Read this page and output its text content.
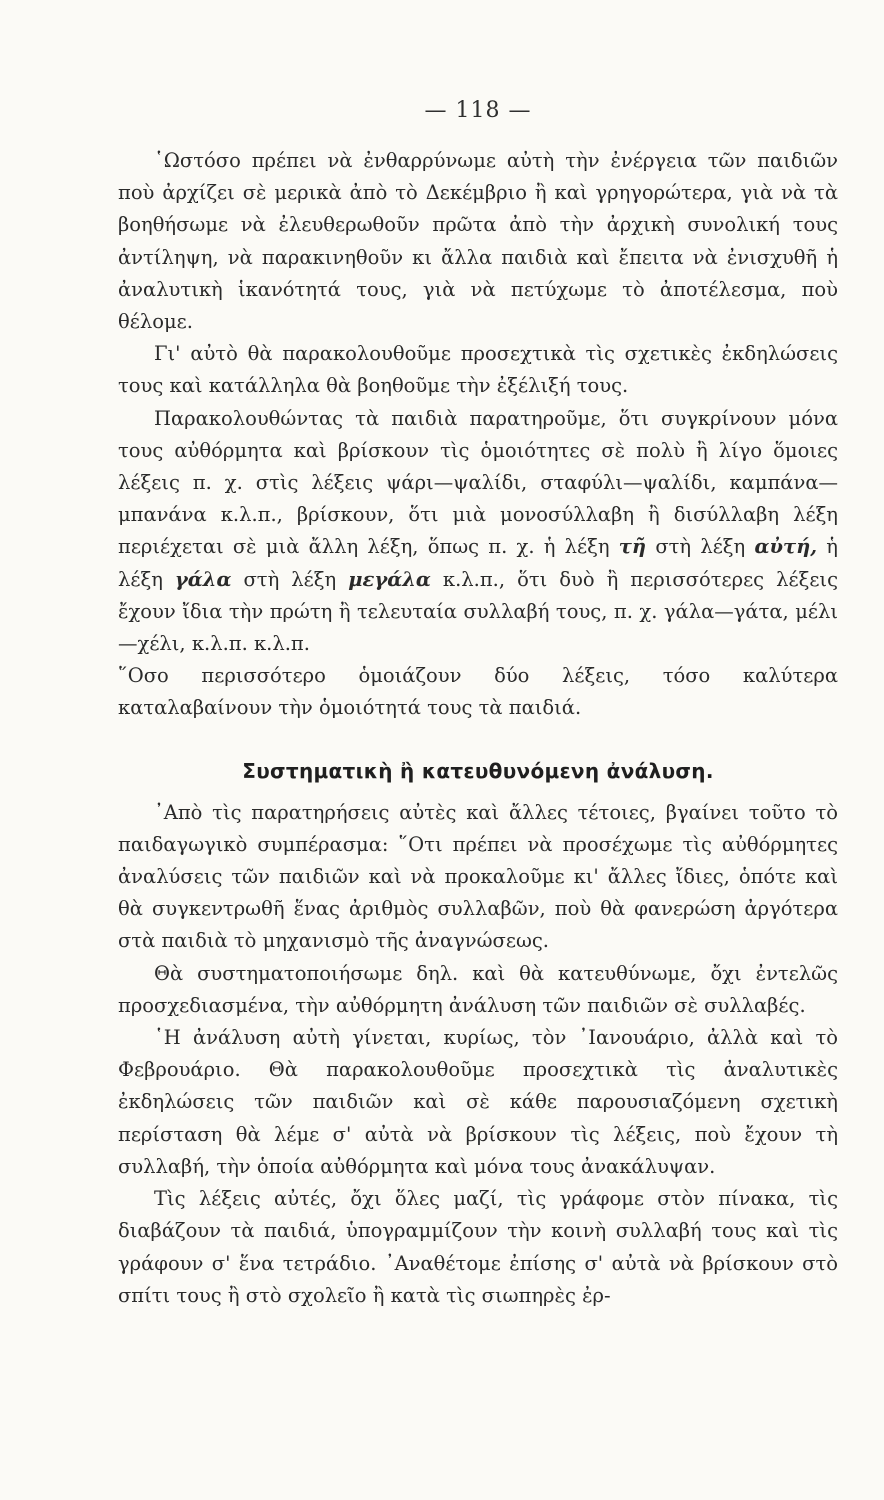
— 118 —

῾Ωστόσο πρέπει νὰ ἐνθαρρύνωμε αὐτὴ τὴν ἐνέργεια τῶν παιδιῶν ποὺ ἀρχίζει σὲ μερικὰ ἀπὸ τὸ Δεκέμβριο ἢ καὶ γρηγορώτερα, γιὰ νὰ τὰ βοηθήσωμε νὰ ἐλευθερωθοῦν πρῶτα ἀπὸ τὴν ἀρχικὴ συνολική τους ἀντίληψη, νὰ παρακινηθοῦν κι ἄλλα παιδιὰ καὶ ἔπειτα νὰ ἐνισχυθῆ ἡ ἀναλυτικὴ ἱκανότητά τους, γιὰ νὰ πετύχωμε τὸ ἀποτέλεσμα, ποὺ θέλομε.

Γι' αὐτὸ θὰ παρακολουθοῦμε προσεχτικὰ τὶς σχετικὲς ἐκδηλώσεις τους καὶ κατάλληλα θὰ βοηθοῦμε τὴν ἐξέλιξή τους.

Παρακολουθώντας τὰ παιδιὰ παρατηροῦμε, ὅτι συγκρίνουν μόνα τους αὐθόρμητα καὶ βρίσκουν τὶς ὁμοιότητες σὲ πολὺ ἢ λίγο ὅμοιες λέξεις π. χ. στὶς λέξεις ψάρι—ψαλίδι, σταφύλι—ψαλίδι, καμπάνα—μπανάνα κ.λ.π., βρίσκουν, ὅτι μιὰ μονοσύλλαβη ἢ δισύλλαβη λέξη περιέχεται σὲ μιὰ ἄλλη λέξη, ὅπως π. χ. ἡ λέξη τῆ στὴ λέξη αὐτή, ἡ λέξη γάλα στὴ λέξη μεγάλα κ.λ.π., ὅτι δυὸ ἢ περισσότερες λέξεις ἔχουν ἴδια τὴν πρώτη ἢ τελευταία συλλαβή τους, π. χ. γάλα—γάτα, μέλι—χέλι, κ.λ.π. κ.λ.π.

῞Οσο περισσότερο ὁμοιάζουν δύο λέξεις, τόσο καλύτερα καταλαβαίνουν τὴν ὁμοιότητά τους τὰ παιδιά.

Συστηματικὴ ἢ κατευθυνόμενη ἀνάλυση.

᾽Απὸ τὶς παρατηρήσεις αὐτὲς καὶ ἄλλες τέτοιες, βγαίνει τοῦτο τὸ παιδαγωγικὸ συμπέρασμα: ῞Οτι πρέπει νὰ προσέχωμε τὶς αὐθόρμητες ἀναλύσεις τῶν παιδιῶν καὶ νὰ προκαλοῦμε κι' ἄλλες ἴδιες, ὁπότε καὶ θὰ συγκεντρωθῆ ἕνας ἀριθμὸς συλλαβῶν, ποὺ θὰ φανερώση ἀργότερα στὰ παιδιὰ τὸ μηχανισμὸ τῆς ἀναγνώσεως.

Θὰ συστηματοποιήσωμε δηλ. καὶ θὰ κατευθύνωμε, ὄχι ἐντελῶς προσχεδιασμένα, τὴν αὐθόρμητη ἀνάλυση τῶν παιδιῶν σὲ συλλαβές.

῾Η ἀνάλυση αὐτὴ γίνεται, κυρίως, τὸν ᾽Ιανουάριο, ἀλλὰ καὶ τὸ Φεβρουάριο. Θὰ παρακολουθοῦμε προσεχτικὰ τὶς ἀναλυτικὲς ἐκδηλώσεις τῶν παιδιῶν καὶ σὲ κάθε παρουσιαζόμενη σχετικὴ περίσταση θὰ λέμε σ' αὐτὰ νὰ βρίσκουν τὶς λέξεις, ποὺ ἔχουν τὴ συλλαβή, τὴν ὁποία αὐθόρμητα καὶ μόνα τους ἀνακάλυψαν.

Τὶς λέξεις αὐτές, ὄχι ὅλες μαζί, τὶς γράφομε στὸν πίνακα, τὶς διαβάζουν τὰ παιδιά, ὑπογραμμίζουν τὴν κοινὴ συλλαβή τους καὶ τὶς γράφουν σ' ἕνα τετράδιο. ᾽Αναθέτομε ἐπίσης σ' αὐτὰ νὰ βρίσκουν στὸ σπίτι τους ἢ στὸ σχολεῖο ἢ κατὰ τὶς σιωπηρὲς ἐρ-
